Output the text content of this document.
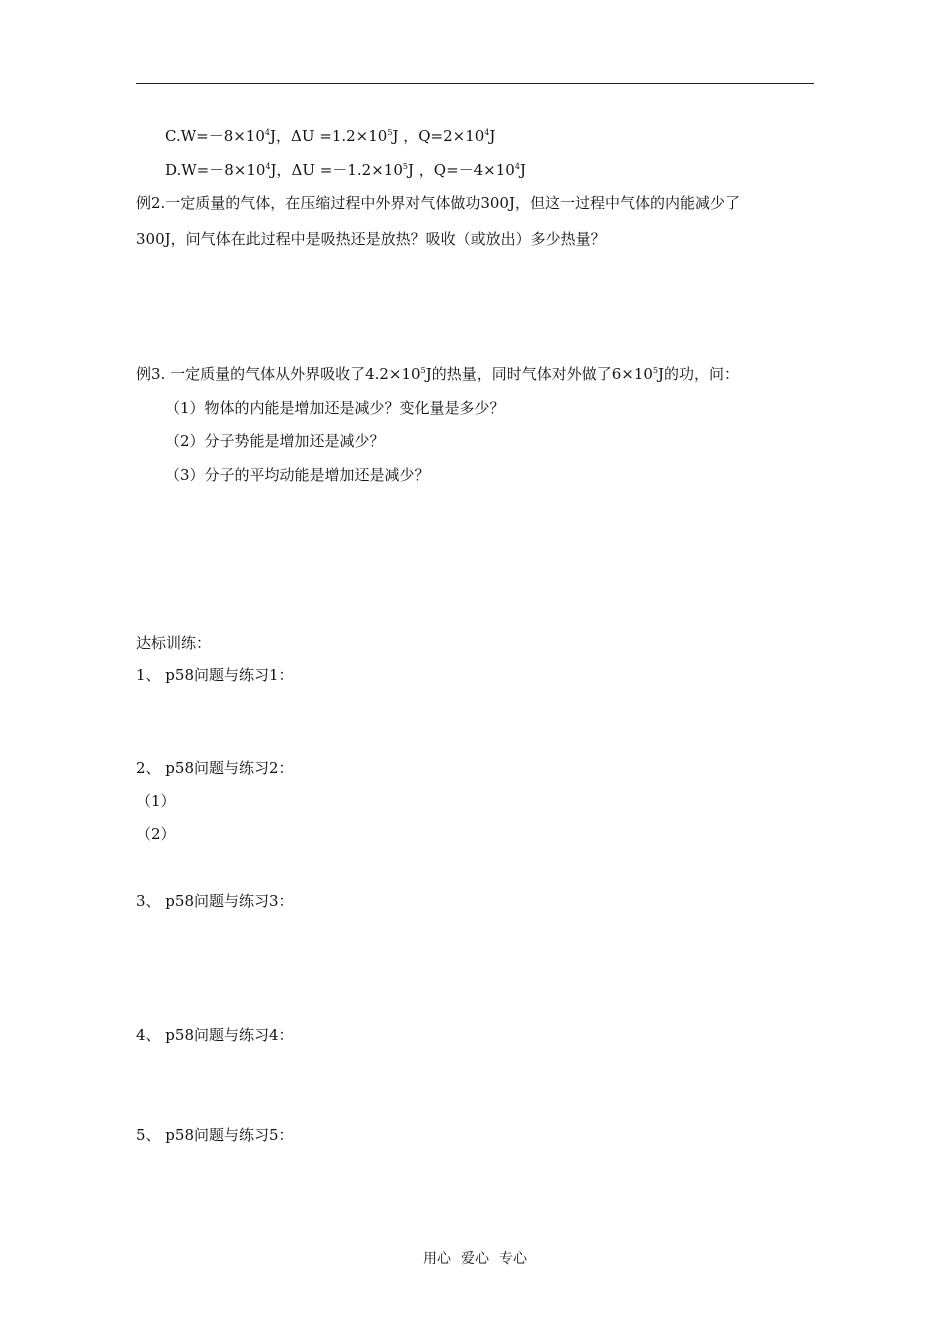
$C.W=-8\times 10^4J$，$\Delta U =1.2\times 10^5J$ ，$Q=2\times 10^4J$
$D.W=-8\times 10^4J$，$\Delta U =-1.2\times 10^5J$ ，$Q=-4\times 10^4J$
例2.一定质量的气体，在压缩过程中外界对气体做功300J，但这一过程中气体的内能减少了
300J，问气体在此过程中是吸热还是放热？吸收（或放出）多少热量？
例3. 一定质量的气体从外界吸收了$4.2\times 10^5J$的热量，同时气体对外做了$6\times 10^5J$的功，问：
（1）物体的内能是增加还是减少？变化量是多少？
（2）分子势能是增加还是减少？
（3）分子的平均动能是增加还是减少？
达标训练：
1、 p58问题与练习1：
2、 p58问题与练习2：
（1）
（2）
3、 p58问题与练习3：
4、 p58问题与练习4：
5、 p58问题与练习5：
用心 爱心 专心
